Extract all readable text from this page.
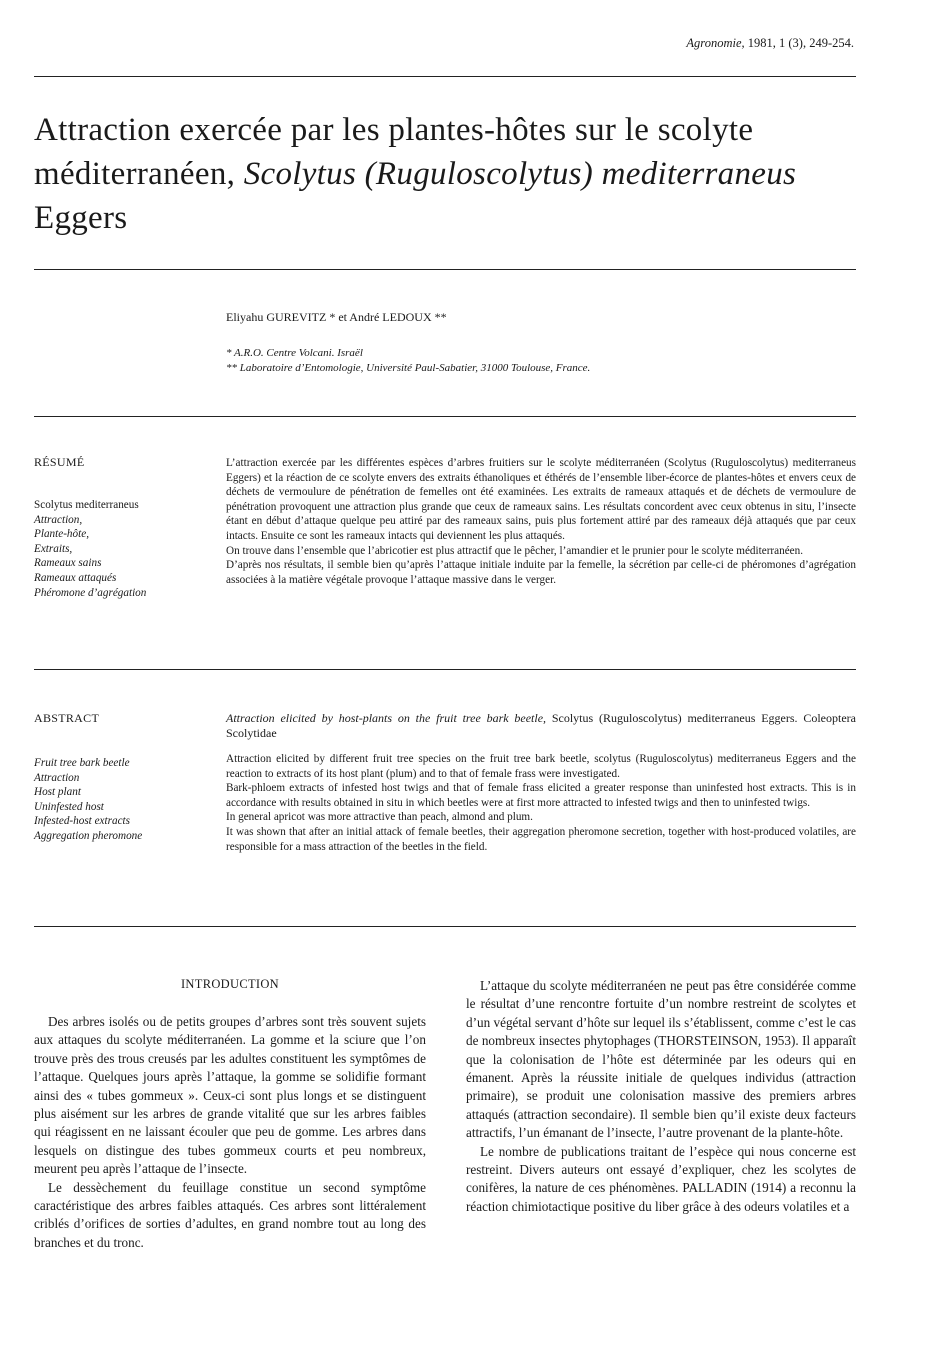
Agronomie, 1981, 1 (3), 249-254.
Attraction exercée par les plantes-hôtes sur le scolyte méditerranéen, Scolytus (Ruguloscolytus) mediterraneus Eggers
Eliyahu GUREVITZ * et André LEDOUX **
* A.R.O. Centre Volcani. Israël
** Laboratoire d’Entomologie, Université Paul-Sabatier, 31000 Toulouse, France.
RÉSUMÉ
Scolytus mediterraneus
Attraction,
Plante-hôte,
Extraits,
Rameaux sains
Rameaux attaqués
Phéromone d’agrégation

L’attraction exercée par les différentes espèces d’arbres fruitiers sur le scolyte méditerranéen (Scolytus (Ruguloscolytus) mediterraneus Eggers) et la réaction de ce scolyte envers des extraits éthanoliques et éthérés de l’ensemble liber-écorce de plantes-hôtes et envers ceux de déchets de vermoulure de pénétration de femelles ont été examinées. Les extraits de rameaux attaqués et de déchets de vermoulure de pénétration provoquent une attraction plus grande que ceux de rameaux sains. Les résultats concordent avec ceux obtenus in situ, l’insecte étant en début d’attaque quelque peu attiré par des rameaux sains, puis plus fortement attiré par des rameaux déjà attaqués que par ceux intacts. Ensuite ce sont les rameaux intacts qui deviennent les plus attaqués.

On trouve dans l’ensemble que l’abricotier est plus attractif que le pêcher, l’amandier et le prunier pour le scolyte méditerranéen.

D’après nos résultats, il semble bien qu’après l’attaque initiale induite par la femelle, la sécrétion par celle-ci de phéromones d’agrégation associées à la matière végétale provoque l’attaque massive dans le verger.

ABSTRACT
Fruit tree bark beetle
Attraction
Host plant
Uninfested host
Infested-host extracts
Aggregation pheromone
Attraction elicited by host-plants on the fruit tree bark beetle, Scolytus (Ruguloscolytus) mediterraneus Eggers. Coleoptera Scolytidae

Attraction elicited by different fruit tree species on the fruit tree bark beetle, scolytus (Ruguloscolytus) mediterraneus Eggers and the reaction to extracts of its host plant (plum) and to that of female frass were investigated.

Bark-phloem extracts of infested host twigs and that of female frass elicited a greater response than uninfested host extracts. This is in accordance with results obtained in situ in which beetles were at first more attracted to infested twigs and then to uninfested twigs.

In general apricot was more attractive than peach, almond and plum.

It was shown that after an initial attack of female beetles, their aggregation pheromone secretion, together with host-produced volatiles, are responsible for a mass attraction of the beetles in the field.

INTRODUCTION

Des arbres isolés ou de petits groupes d’arbres sont très souvent sujets aux attaques du scolyte méditerranéen. La gomme et la sciure que l’on trouve près des trous creusés par les adultes constituent les symptômes de l’attaque. Quelques jours après l’attaque, la gomme se solidifie formant ainsi des « tubes gommeux ». Ceux-ci sont plus longs et se distinguent plus aisément sur les arbres de grande vitalité que sur les arbres faibles qui réagissent en ne laissant écouler que peu de gomme. Les arbres dans lesquels on distingue des tubes gommeux courts et peu nombreux, meurent peu après l’attaque de l’insecte.

Le dessèchement du feuillage constitue un second symptôme caractéristique des arbres faibles attaqués. Ces arbres sont littéralement criblés d’orifices de sorties d’adultes, en grand nombre tout au long des branches et du tronc.

L’attaque du scolyte méditerranéen ne peut pas être considérée comme le résultat d’une rencontre fortuite d’un nombre restreint de scolytes et d’un végétal servant d’hôte sur lequel ils s’établissent, comme c’est le cas de nombreux insectes phytophages (THORSTEINSON, 1953). Il apparaît que la colonisation de l’hôte est déterminée par les odeurs qui en émanent. Après la réussite initiale de quelques individus (attraction primaire), se produit une colonisation massive des premiers arbres attaqués (attraction secondaire). Il semble bien qu’il existe deux facteurs attractifs, l’un émanant de l’insecte, l’autre provenant de la plante-hôte.

Le nombre de publications traitant de l’espèce qui nous concerne est restreint. Divers auteurs ont essayé d’expliquer, chez les scolytes de conifères, la nature de ces phénomènes. PALLADIN (1914) a reconnu la réaction chimiotactique positive du liber grâce à des odeurs volatiles et a
